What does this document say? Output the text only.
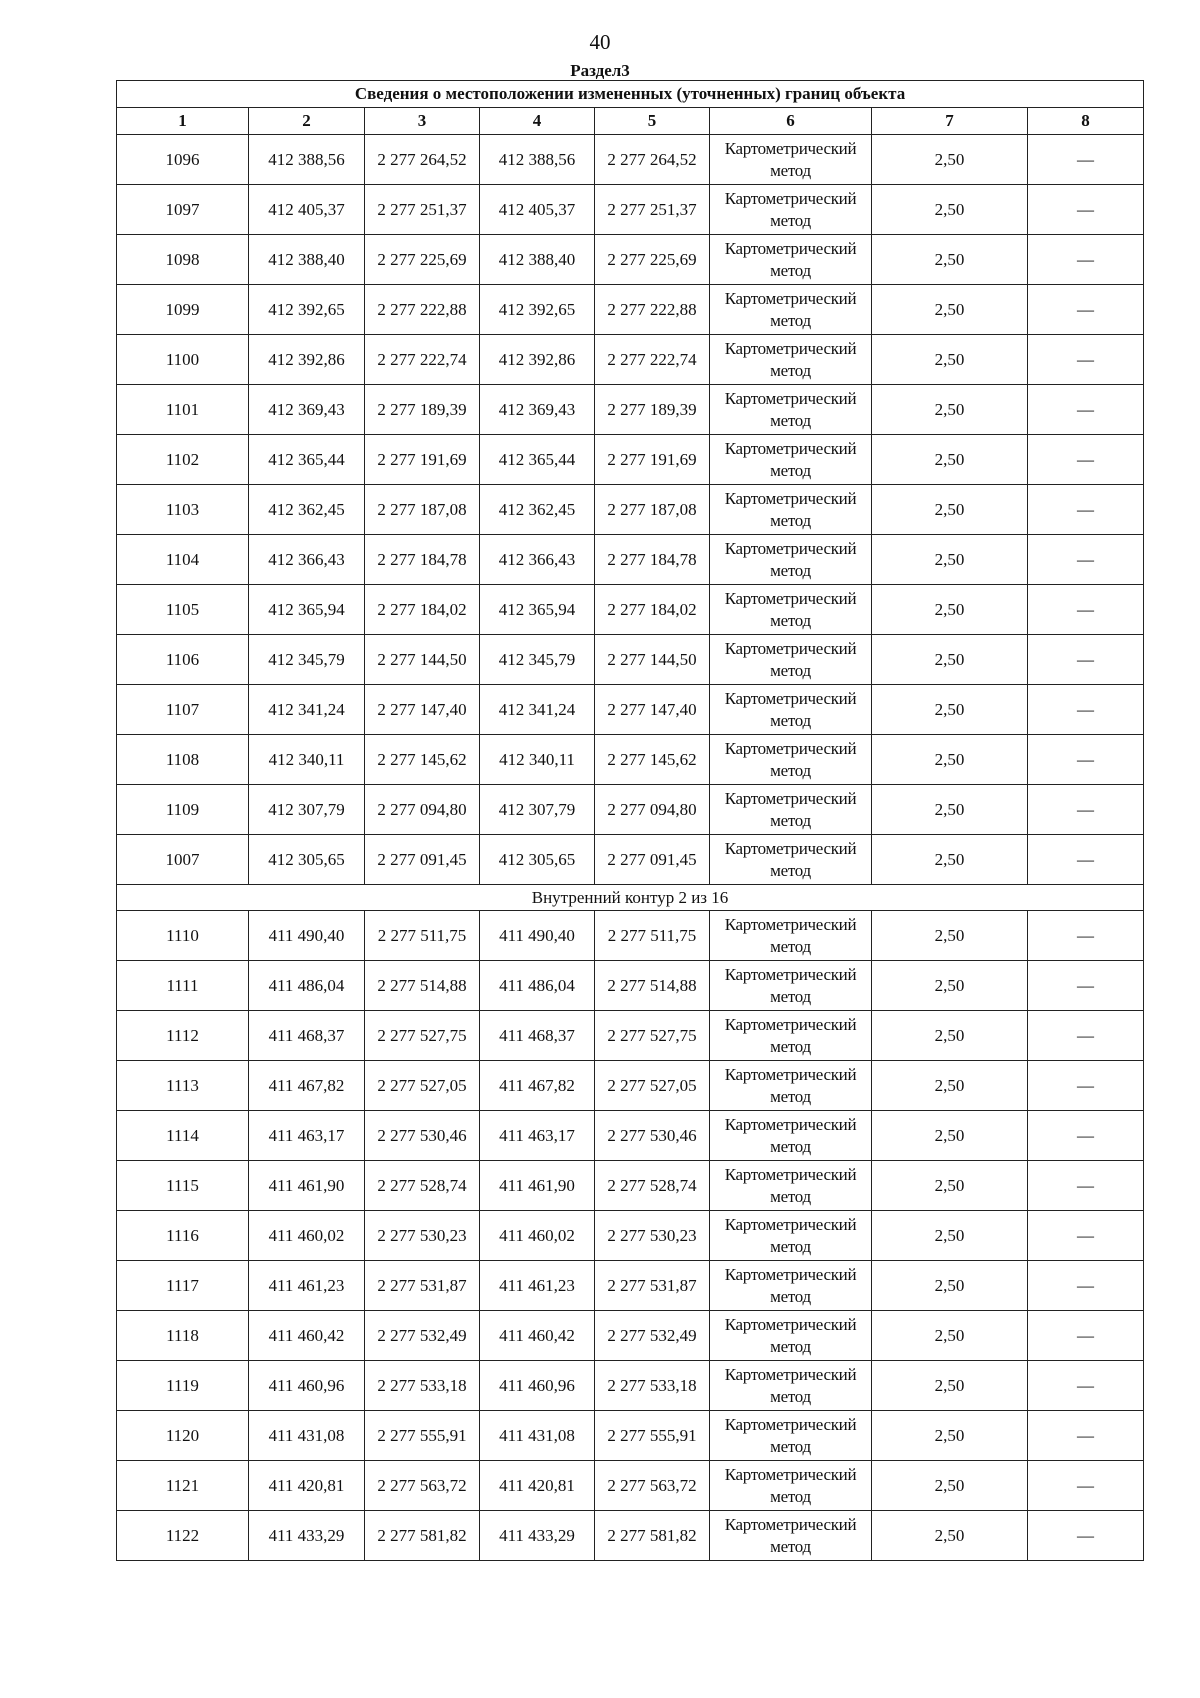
40
Раздел3
Сведения о местоположении измененных (уточненных) границ объекта							
1	2	3	4	5	6	7	8
1096	412 388,56	2 277 264,52	412 388,56	2 277 264,52	Картометрический метод	2,50	—
1097	412 405,37	2 277 251,37	412 405,37	2 277 251,37	Картометрический метод	2,50	—
1098	412 388,40	2 277 225,69	412 388,40	2 277 225,69	Картометрический метод	2,50	—
1099	412 392,65	2 277 222,88	412 392,65	2 277 222,88	Картометрический метод	2,50	—
1100	412 392,86	2 277 222,74	412 392,86	2 277 222,74	Картометрический метод	2,50	—
1101	412 369,43	2 277 189,39	412 369,43	2 277 189,39	Картометрический метод	2,50	—
1102	412 365,44	2 277 191,69	412 365,44	2 277 191,69	Картометрический метод	2,50	—
1103	412 362,45	2 277 187,08	412 362,45	2 277 187,08	Картометрический метод	2,50	—
1104	412 366,43	2 277 184,78	412 366,43	2 277 184,78	Картометрический метод	2,50	—
1105	412 365,94	2 277 184,02	412 365,94	2 277 184,02	Картометрический метод	2,50	—
1106	412 345,79	2 277 144,50	412 345,79	2 277 144,50	Картометрический метод	2,50	—
1107	412 341,24	2 277 147,40	412 341,24	2 277 147,40	Картометрический метод	2,50	—
1108	412 340,11	2 277 145,62	412 340,11	2 277 145,62	Картометрический метод	2,50	—
1109	412 307,79	2 277 094,80	412 307,79	2 277 094,80	Картометрический метод	2,50	—
1007	412 305,65	2 277 091,45	412 305,65	2 277 091,45	Картометрический метод	2,50	—
Внутренний контур 2 из 16							
1110	411 490,40	2 277 511,75	411 490,40	2 277 511,75	Картометрический метод	2,50	—
1111	411 486,04	2 277 514,88	411 486,04	2 277 514,88	Картометрический метод	2,50	—
1112	411 468,37	2 277 527,75	411 468,37	2 277 527,75	Картометрический метод	2,50	—
1113	411 467,82	2 277 527,05	411 467,82	2 277 527,05	Картометрический метод	2,50	—
1114	411 463,17	2 277 530,46	411 463,17	2 277 530,46	Картометрический метод	2,50	—
1115	411 461,90	2 277 528,74	411 461,90	2 277 528,74	Картометрический метод	2,50	—
1116	411 460,02	2 277 530,23	411 460,02	2 277 530,23	Картометрический метод	2,50	—
1117	411 461,23	2 277 531,87	411 461,23	2 277 531,87	Картометрический метод	2,50	—
1118	411 460,42	2 277 532,49	411 460,42	2 277 532,49	Картометрический метод	2,50	—
1119	411 460,96	2 277 533,18	411 460,96	2 277 533,18	Картометрический метод	2,50	—
1120	411 431,08	2 277 555,91	411 431,08	2 277 555,91	Картометрический метод	2,50	—
1121	411 420,81	2 277 563,72	411 420,81	2 277 563,72	Картометрический метод	2,50	—
1122	411 433,29	2 277 581,82	411 433,29	2 277 581,82	Картометрический метод	2,50	—
